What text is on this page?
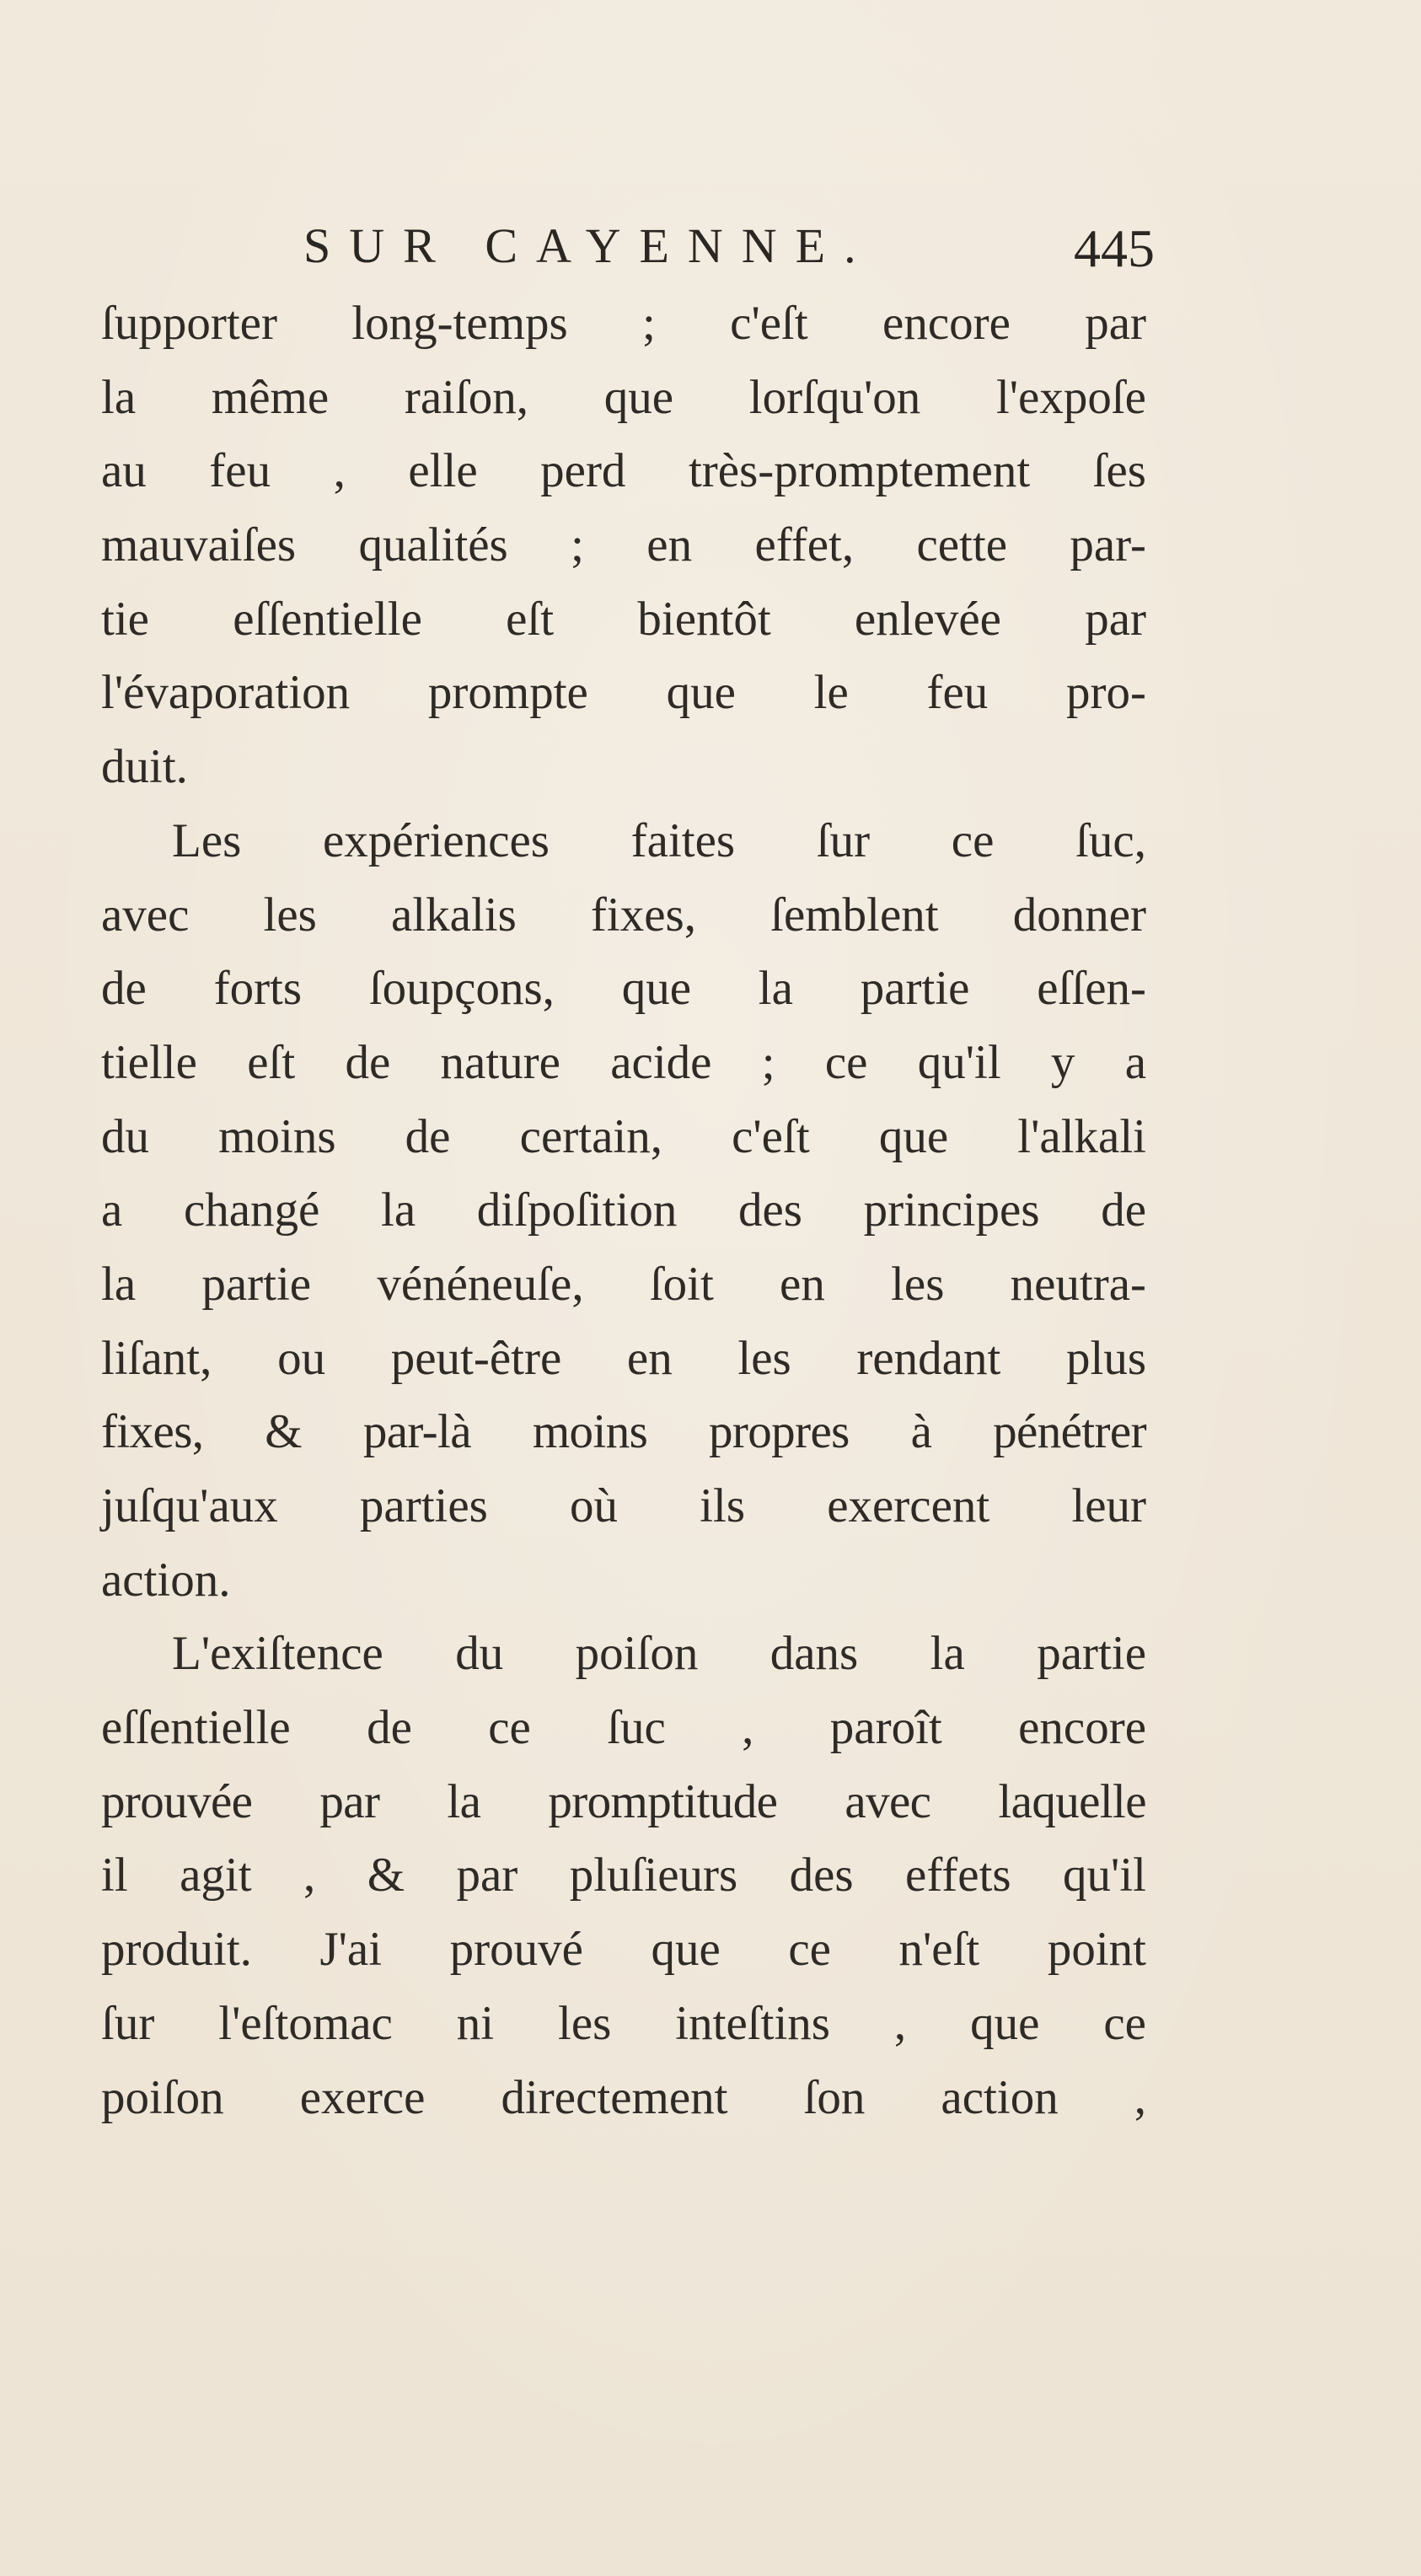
SUR CAYENNE.	445
ſupporter long-temps ; c'eſt encore par
la même raiſon, que lorſqu'on l'expoſe
au feu , elle perd très-promptement ſes
mauvaiſes qualités ; en effet, cette par-
tie eſſentielle eſt bientôt enlevée par
l'évaporation prompte que le feu pro-
duit.
Les expériences faites ſur ce ſuc,
avec les alkalis fixes, ſemblent donner
de forts ſoupçons, que la partie eſſen-
tielle eſt de nature acide ; ce qu'il y a
du moins de certain, c'eſt que l'alkali
a changé la diſpoſition des principes de
la partie vénéneuſe, ſoit en les neutra-
liſant, ou peut-être en les rendant plus
fixes, & par-là moins propres à pénétrer
juſqu'aux parties où ils exercent leur
action.
L'exiſtence du poiſon dans la partie
eſſentielle de ce ſuc , paroît encore
prouvée par la promptitude avec laquelle
il agit , & par pluſieurs des effets qu'il
produit. J'ai prouvé que ce n'eſt point
ſur l'eſtomac ni les inteſtins , que ce
poiſon exerce directement ſon action ,
